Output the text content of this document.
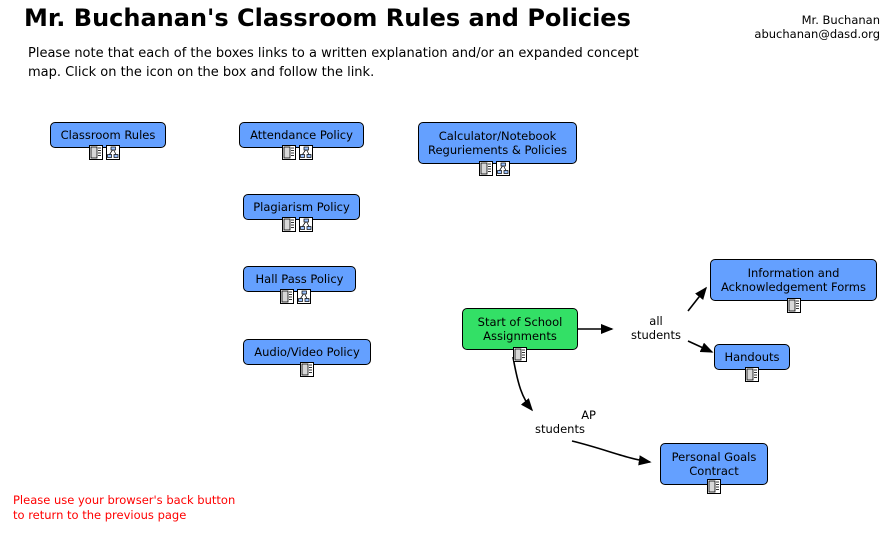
Mr. Buchanan's Classroom Rules and Policies	Mr. Buchanan
abuchanan@dasd.org
Please note that each of the boxes links to a written explanation and/or an expanded concept map. Click on the icon on the box and follow the link.
Classroom Rules	Attendance Policy	Calculator/Notebook Reguriements & Policies
Plagiarism Policy
Hall Pass Policy
Audio/Video Policy
Start of School Assignments
all
students
AP
students
Information and Acknowledgement Forms
Handouts
Personal Goals Contract
Please use your browser's back button
to return to the previous page
